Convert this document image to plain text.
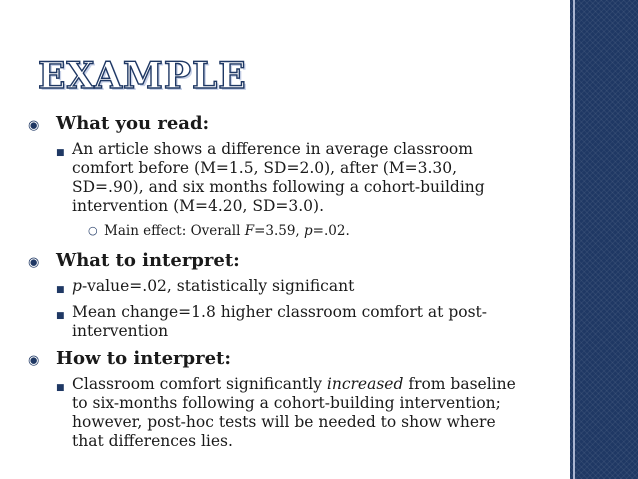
EXAMPLE
◉ What you read:
■ An article shows a difference in average classroom comfort before (M=1.5, SD=2.0), after (M=3.30, SD=.90), and six months following a cohort-building intervention (M=4.20, SD=3.0).
○ Main effect: Overall F=3.59, p=.02.
◉ What to interpret:
■ p-value=.02, statistically significant
■ Mean change=1.8 higher classroom comfort at post-intervention
◉ How to interpret:
■ Classroom comfort significantly increased from baseline to six-months following a cohort-building intervention; however, post-hoc tests will be needed to show where that differences lies.
